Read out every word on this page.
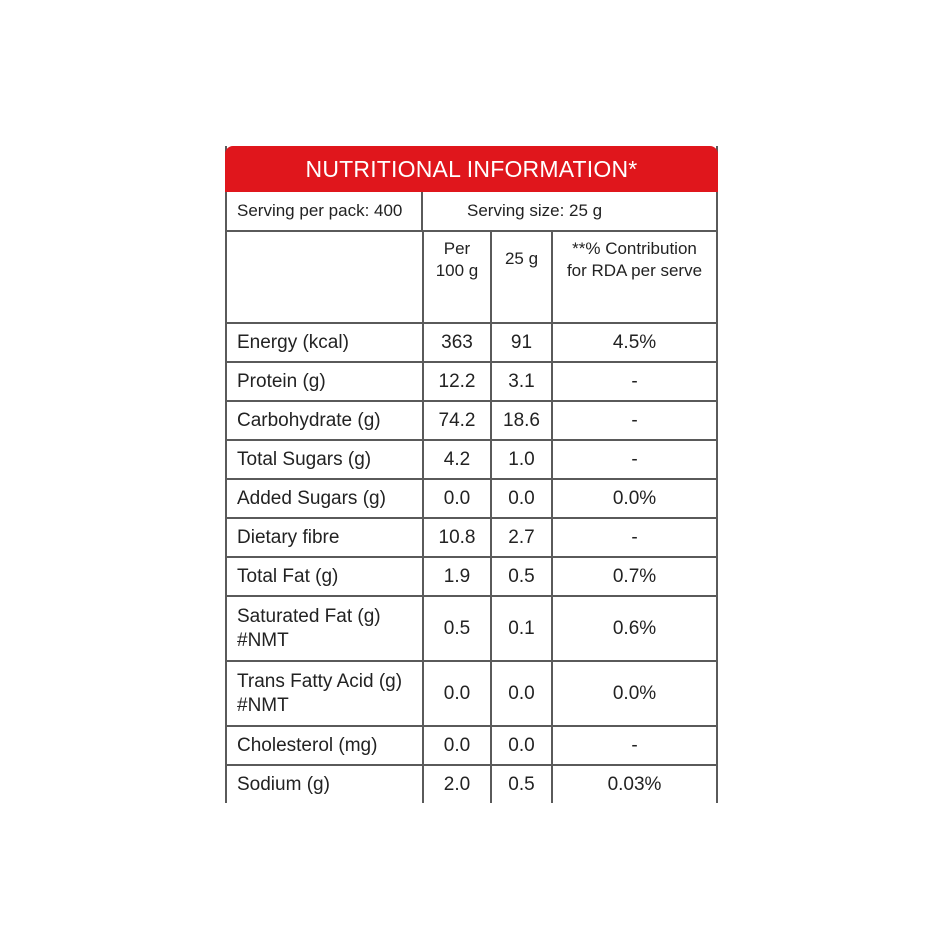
NUTRITIONAL INFORMATION*
Serving per pack: 400	Serving size: 25 g
	Per 100 g	25 g	**% Contribution for RDA per serve
Energy (kcal)	363	91	4.5%
Protein (g)	12.2	3.1	-
Carbohydrate (g)	74.2	18.6	-
Total Sugars (g)	4.2	1.0	-
Added Sugars (g)	0.0	0.0	0.0%
Dietary fibre	10.8	2.7	-
Total Fat (g)	1.9	0.5	0.7%
Saturated Fat (g) #NMT	0.5	0.1	0.6%
Trans Fatty Acid (g) #NMT	0.0	0.0	0.0%
Cholesterol (mg)	0.0	0.0	-
Sodium (g)	2.0	0.5	0.03%
